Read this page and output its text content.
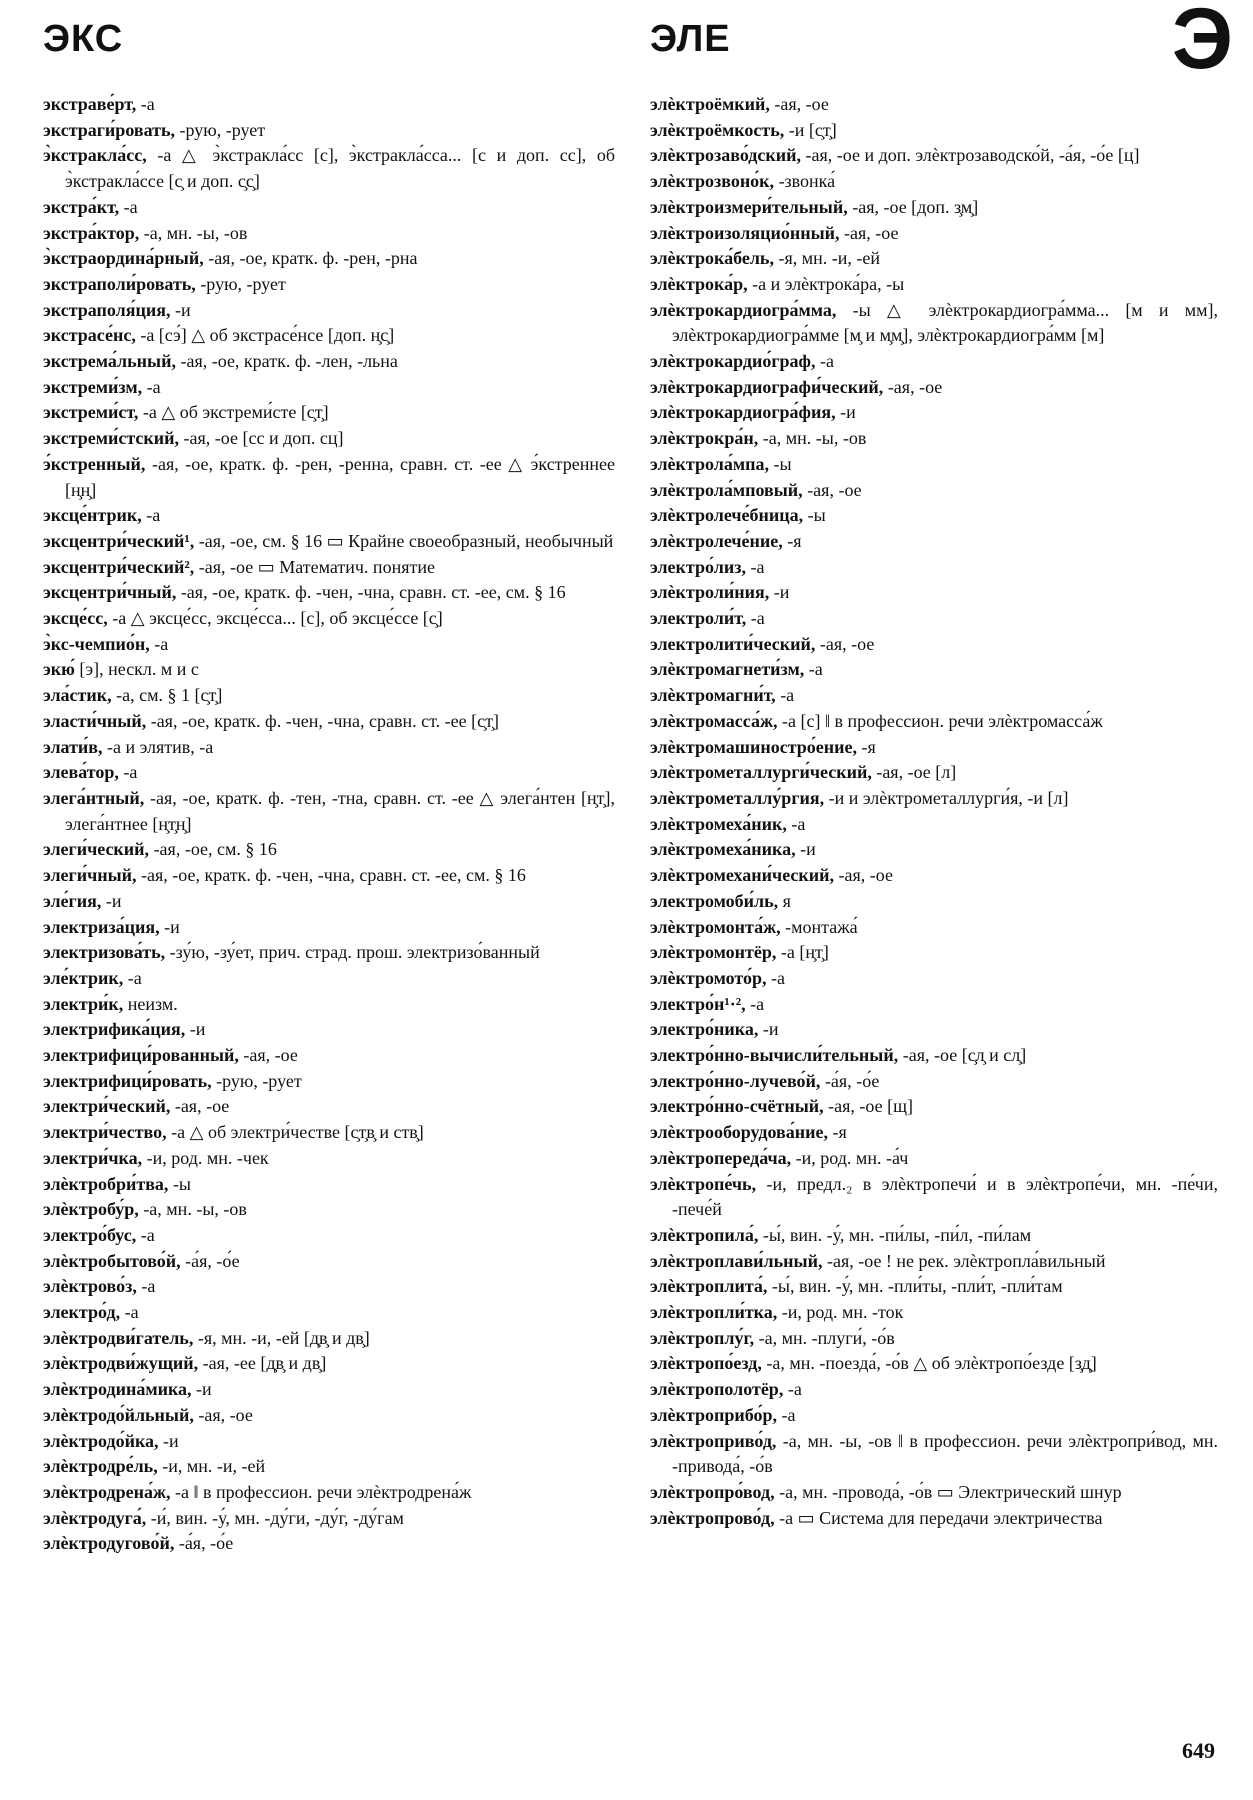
ЭКС	ЭЛЕ	Э
экстраве́рт, -а
экстраги́ровать, -рую, -рует
э̀кстракла́сс, -а △ э̀кстракла́сс [с], э̀кстракла́сса... [с и доп. сс], об э̀кстракла́ссе [с̧ и доп. с̧с̧]
экстра́кт, -а
экстра́ктор, -а, мн. -ы, -ов
э̀кстраордина́рный, -ая, -ое, кратк. ф. -рен, -рна
экстраполи́ровать, -рую, -рует
экстраполя́ция, -и
экстрасе́нс, -а [сэ́] △ об экстрасе́нсе [доп. н̧с̧]
экстрема́льный, -ая, -ое, кратк. ф. -лен, -льна
экстреми́зм, -а
экстреми́ст, -а △ об экстреми́сте [с̧т̧]
экстреми́стский, -ая, -ое [сс и доп. сц]
э́кстренный, -ая, -ое, кратк. ф. -рен, -ренна, сравн. ст. -ее △ э́кстреннее [н̧н̧]
эксце́нтрик, -а
эксцентри́ческий¹, -ая, -ое, см. § 16 ▭ Крайне своеобразный, необычный
эксцентри́ческий², -ая, -ое ▭ Математич. понятие
эксцентри́чный, -ая, -ое, кратк. ф. -чен, -чна, сравн. ст. -ее, см. § 16
эксце́сс, -а △ эксце́сс, эксце́сса... [с], об эксце́ссе [с̧]
э̀кс-чемпио́н, -а
экю́ [э], нескл. м и с
эла́стик, -а, см. § 1 [с̧т̧]
эласти́чный, -ая, -ое, кратк. ф. -чен, -чна, сравн. ст. -ее [с̧т̧]
элати́в, -а и элятив, -а
элева́тор, -а
элега́нтный, -ая, -ое, кратк. ф. -тен, -тна, сравн. ст. -ее △ элега́нтен [н̧т̧], элега́нтнее [н̧т̧н̧]
элеги́ческий, -ая, -ое, см. § 16
элеги́чный, -ая, -ое, кратк. ф. -чен, -чна, сравн. ст. -ее, см. § 16
эле́гия, -и
электриза́ция, -и
электризова́ть, -зу́ю, -зу́ет, прич. страд. прош. электризо́ванный
эле́ктрик, -а
электри́к, неизм.
электрифика́ция, -и
электрифици́рованный, -ая, -ое
электрифици́ровать, -рую, -рует
электри́ческий, -ая, -ое
электри́чество, -а △ об электри́честве [с̧т̧в̧ и ств̧]
электри́чка, -и, род. мн. -чек
элѐктробри́тва, -ы
элѐктробу́р, -а, мн. -ы, -ов
электро́бус, -а
элѐктробытово́й, -а́я, -о́е
элѐктрово́з, -а
электро́д, -а
элѐктродви́гатель, -я, мн. -и, -ей [д̧в̧ и дв̧]
элѐктродви́жущий, -ая, -ее [д̧в̧ и дв̧]
элѐктродина́мика, -и
элѐктродо́йльный, -ая, -ое
элѐктродо́йка, -и
элѐктродре́ль, -и, мн. -и, -ей
элѐктродрена́ж, -а ‖ в профессион. речи элѐктродрена́ж
элѐктродуга́, -и́, вин. -у́, мн. -ду́ги, -ду́г, -ду́гам
элѐктродугово́й, -а́я, -о́е
элѐктроёмкий, -ая, -ое
элѐктроёмкость, -и [с̧т̧]
элѐктрозаво́дский, -ая, -ое и доп. элѐктрозаводско́й, -а́я, -о́е [ц]
элѐктрозвоно́к, -звонка́
элѐктроизмери́тельный, -ая, -ое [доп. з̧м̧]
элѐктроизоляцио́нный, -ая, -ое
элѐктрока́бель, -я, мн. -и, -ей
элѐктрока́р, -а и элѐктрока́ра, -ы
элѐктрокардиогра́мма, -ы △ элѐктрокардиогра́мма... [м и мм], элѐктрокардиогра́мме [м̧ и м̧м̧], элѐктрокардиогра́мм [м]
элѐктрокардио́граф, -а
элѐктрокардиографи́ческий, -ая, -ое
элѐктрокардиогра́фия, -и
элѐктрокра́н, -а, мн. -ы, -ов
элѐктрола́мпа, -ы
элѐктрола́мповый, -ая, -ое
элѐктролече́бница, -ы
элѐктролече́ние, -я
электро́лиз, -а
элѐктроли́ния, -и
электроли́т, -а
электролити́ческий, -ая, -ое
элѐктромагнети́зм, -а
элѐктромагни́т, -а
элѐктромасса́ж, -а [с] ‖ в профессион. речи элѐктромасса́ж
элѐктромашиностро́ение, -я
элѐктрометаллурги́ческий, -ая, -ое [л]
элѐктрометаллу́ргия, -и и элѐктрометаллурги́я, -и [л]
элѐктромеха́ник, -а
элѐктромеха́ника, -и
элѐктромехани́ческий, -ая, -ое
электромоби́ль, я
элѐктромонта́ж, -монтажа́
элѐктромонтёр, -а [н̧т̧]
элѐктромото́р, -а
электро́н¹·², -а
электро́ника, -и
электро́нно-вычисли́тельный, -ая, -ое [с̧л̧ и сл̧]
электро́нно-лучево́й, -а́я, -о́е
электро́нно-счётный, -ая, -ое [щ]
элѐктрооборудова́ние, -я
элѐктропереда́ча, -и, род. мн. -а́ч
элѐктропе́чь, -и, предл.₂ в элѐктропечи́ и в элѐктропе́чи, мн. -пе́чи, -пече́й
элѐктропила́, -ы́, вин. -у́, мн. -пи́лы, -пи́л, -пи́лам
элѐктроплави́льный, -ая, -ое ! не рек. элѐктропла́вильный
элѐктроплита́, -ы́, вин. -у́, мн. -пли́ты, -пли́т, -пли́там
элѐктропли́тка, -и, род. мн. -ток
элѐктроплу́г, -а, мн. -плуги́, -о́в
элѐктропо́езд, -а, мн. -поезда́, -о́в △ об элѐктропо́езде [з̧д̧]
элѐктрополотёр, -а
элѐктроприбо́р, -а
элѐктроприво́д, -а, мн. -ы, -ов ‖ в профессион. речи элѐктропри́вод, мн. -привода́, -о́в
элѐктропро́вод, -а, мн. -провода́, -о́в ▭ Электрический шнур
элѐктропрово́д, -а ▭ Система для передачи электричества
649
